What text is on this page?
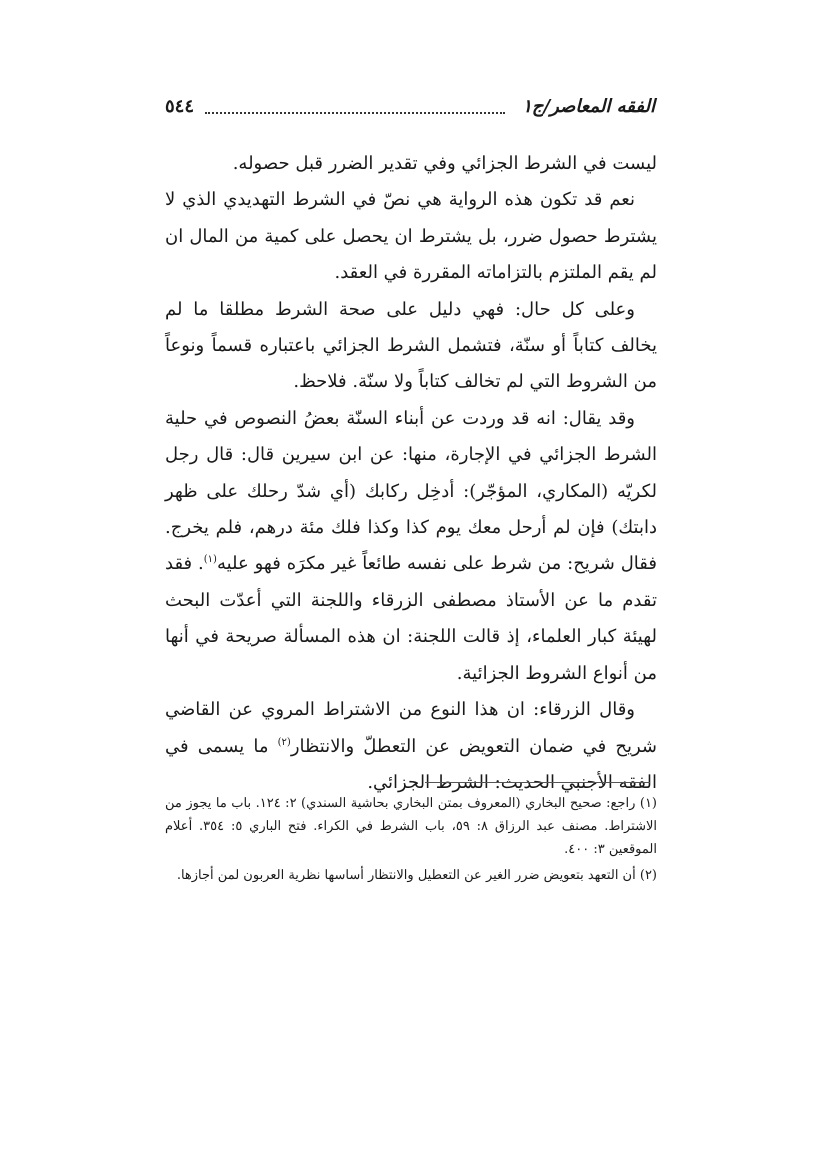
الفقه المعاصر/ج١
٥٤٤

ليست في الشرط الجزائي وفي تقدير الضرر قبل حصوله.

نعم قد تكون هذه الرواية هي نصّ في الشرط التهديدي الذي لا يشترط حصول ضرر، بل يشترط ان يحصل على كمية من المال ان لم يقم الملتزم بالتزاماته المقررة في العقد.

وعلى كل حال: فهي دليل على صحة الشرط مطلقا ما لم يخالف كتاباً أو سنّة، فتشمل الشرط الجزائي باعتباره قسماً ونوعاً من الشروط التي لم تخالف كتاباً ولا سنّة. فلاحظ.

وقد يقال: انه قد وردت عن أبناء السنّة بعضُ النصوص في حلية الشرط الجزائي في الإجارة، منها: عن ابن سيرين قال: قال رجل لكريّه (المكاري، المؤجّر): أدخِل ركابك (أي شدّ رحلك على ظهر دابتك) فإن لم أرحل معك يوم كذا وكذا فلك مئة درهم، فلم يخرج. فقال شريح: من شرط على نفسه طائعاً غير مكرَه فهو عليه$^{(١)}$. فقد تقدم ما عن الأستاذ مصطفى الزرقاء واللجنة التي أعدّت البحث لهيئة كبار العلماء، إذ قالت اللجنة: ان هذه المسألة صريحة في أنها من أنواع الشروط الجزائية.

وقال الزرقاء: ان هذا النوع من الاشتراط المروي عن القاضي شريح في ضمان التعويض عن التعطلّ والانتظار$^{(٢)}$ ما يسمى في الفقه الأجنبي الحديث: الشرط الجزائي.

(١) راجع: صحيح البخاري (المعروف بمتن البخاري بحاشية السندي) ٢: ١٢٤. باب ما يجوز من الاشتراط. مصنف عبد الرزاق ٨: ٥٩، باب الشرط في الكراء. فتح الباري ٥: ٣٥٤. أعلام الموقعين ٣: ٤٠٠.

(٢) أن التعهد بتعويض ضرر الغير عن التعطيل والانتظار أساسها نظرية العربون لمن أجازها.
